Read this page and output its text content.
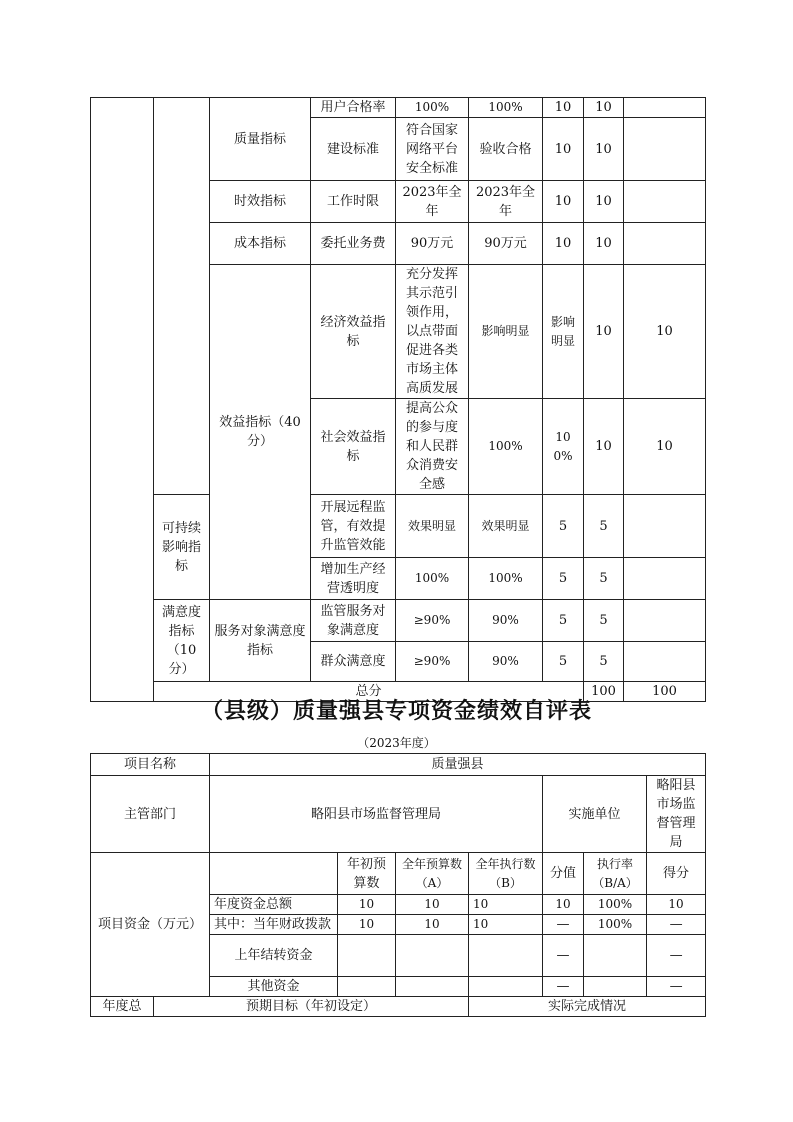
		质量指标	用户合格率	100%	100%	10	10		
			建设标准	符合国家网络平台安全标准	验收合格	10	10		
		时效指标	工作时限	2023年全年	2023年全年	10	10		
		成本指标	委托业务费	90万元	90万元	10	10		
		效益指标（40分）	经济效益指标	充分发挥其示范引领作用，以点带面促进各类市场主体高质发展	影响明显	影响明显	10	10	
			社会效益指标	提高公众的参与度和人民群众消费安全感	100%	100%	10	10	
	可持续影响指标		开展远程监管，有效提升监管效能	效果明显	效果明显	5	5		
			增加生产经营透明度	100%	100%	5	5		
	满意度指标（10分）	服务对象满意度指标	监管服务对象满意度	≥90%	90%	5	5		
			群众满意度	≥90%	90%	5	5		
	总分						100	100	
（县级）质量强县专项资金绩效自评表
（2023年度）
项目名称		质量强县						
主管部门		略阳县市场监督管理局				实施单位		略阳县市场监督管理局
项目资金（万元）			年初预算数	全年预算数（A）	全年执行数（B）	分值	执行率（B/A）	得分
		年度资金总额	10	10	10	10	100%	10
		其中：当年财政拨款	10	10	10	—	100%	—
		上年结转资金				—		—
		其他资金				—		—
年度总	预期目标（年初设定）				实际完成情况			
